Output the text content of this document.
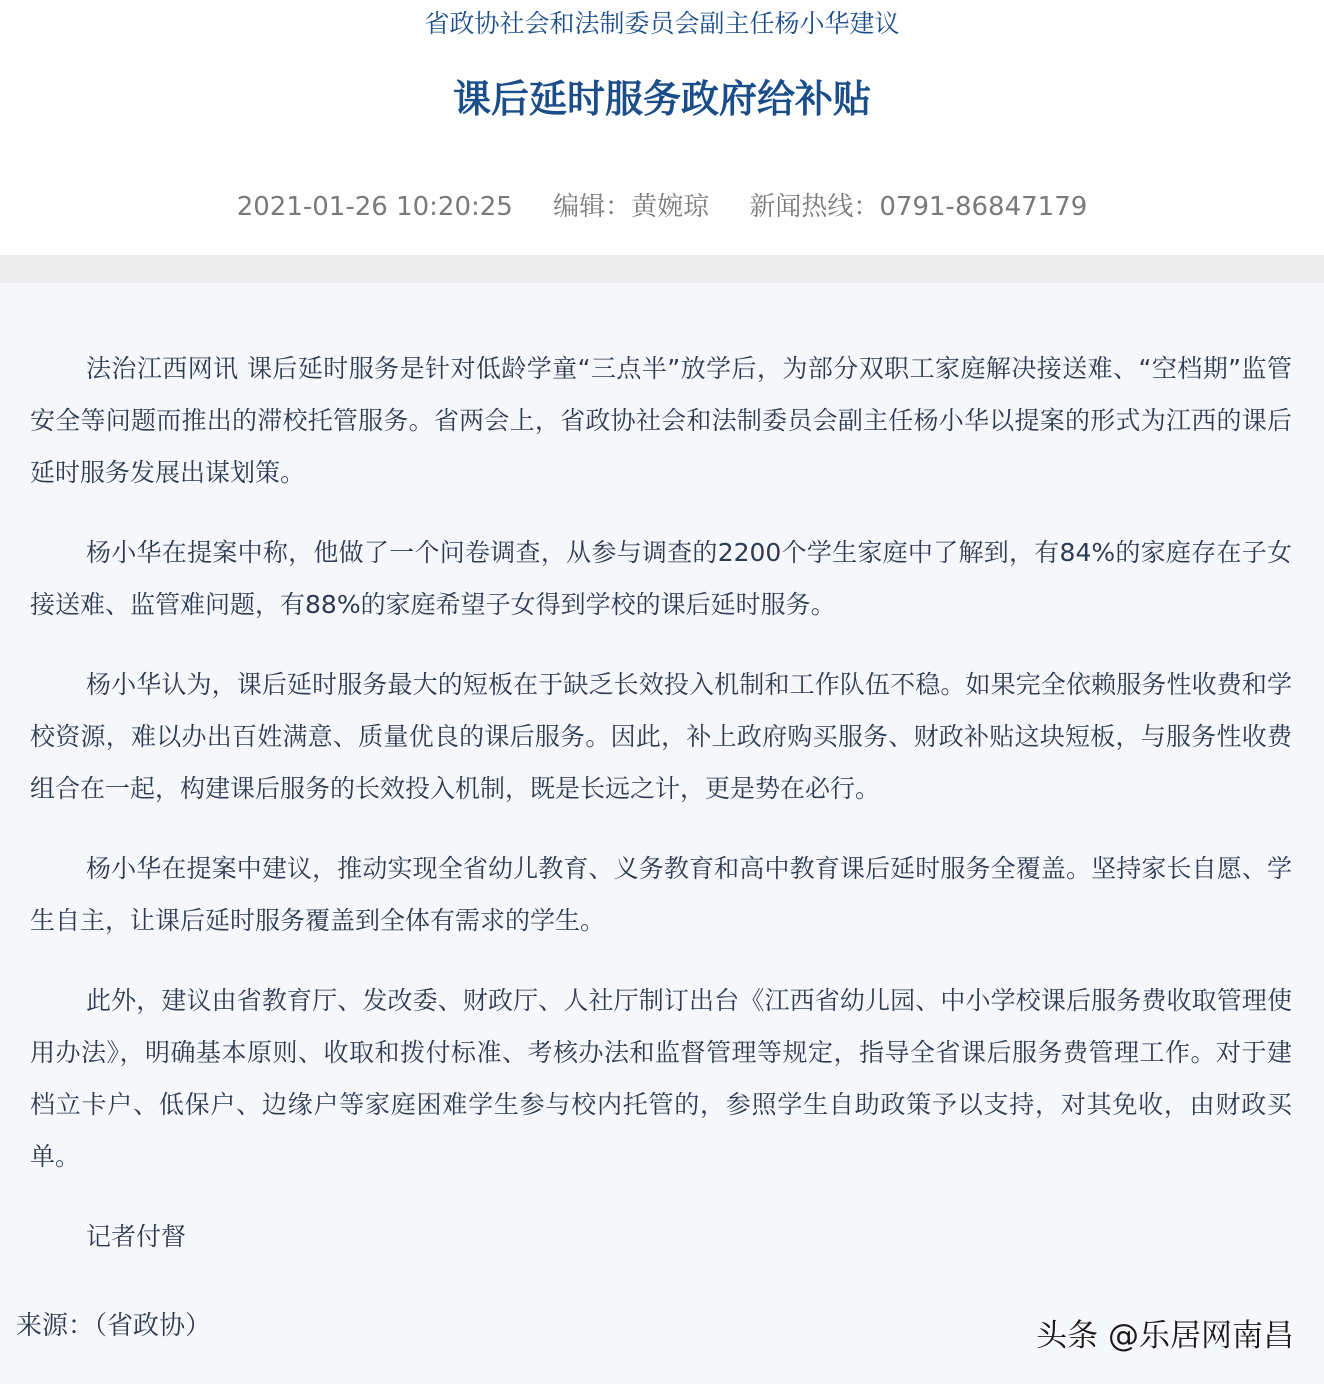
省政协社会和法制委员会副主任杨小华建议
课后延时服务政府给补贴
2021-01-26 10:20:25 编辑：黄婉琼 新闻热线：0791-86847179

法治江西网讯 课后延时服务是针对低龄学童“三点半”放学后，为部分双职工家庭解决接送难、“空档期”监管安全等问题而推出的滞校托管服务。省两会上，省政协社会和法制委员会副主任杨小华以提案的形式为江西的课后延时服务发展出谋划策。

杨小华在提案中称，他做了一个问卷调查，从参与调查的2200个学生家庭中了解到，有84%的家庭存在子女接送难、监管难问题，有88%的家庭希望子女得到学校的课后延时服务。

杨小华认为，课后延时服务最大的短板在于缺乏长效投入机制和工作队伍不稳。如果完全依赖服务性收费和学校资源，难以办出百姓满意、质量优良的课后服务。因此，补上政府购买服务、财政补贴这块短板，与服务性收费组合在一起，构建课后服务的长效投入机制，既是长远之计，更是势在必行。

杨小华在提案中建议，推动实现全省幼儿教育、义务教育和高中教育课后延时服务全覆盖。坚持家长自愿、学生自主，让课后延时服务覆盖到全体有需求的学生。

此外，建议由省教育厅、发改委、财政厅、人社厅制订出台《江西省幼儿园、中小学校课后服务费收取管理使用办法》，明确基本原则、收取和拨付标准、考核办法和监督管理等规定，指导全省课后服务费管理工作。对于建档立卡户、低保户、边缘户等家庭困难学生参与校内托管的，参照学生自助政策予以支持，对其免收，由财政买单。

记者付督

来源：（省政协）	头条 @乐居网南昌
